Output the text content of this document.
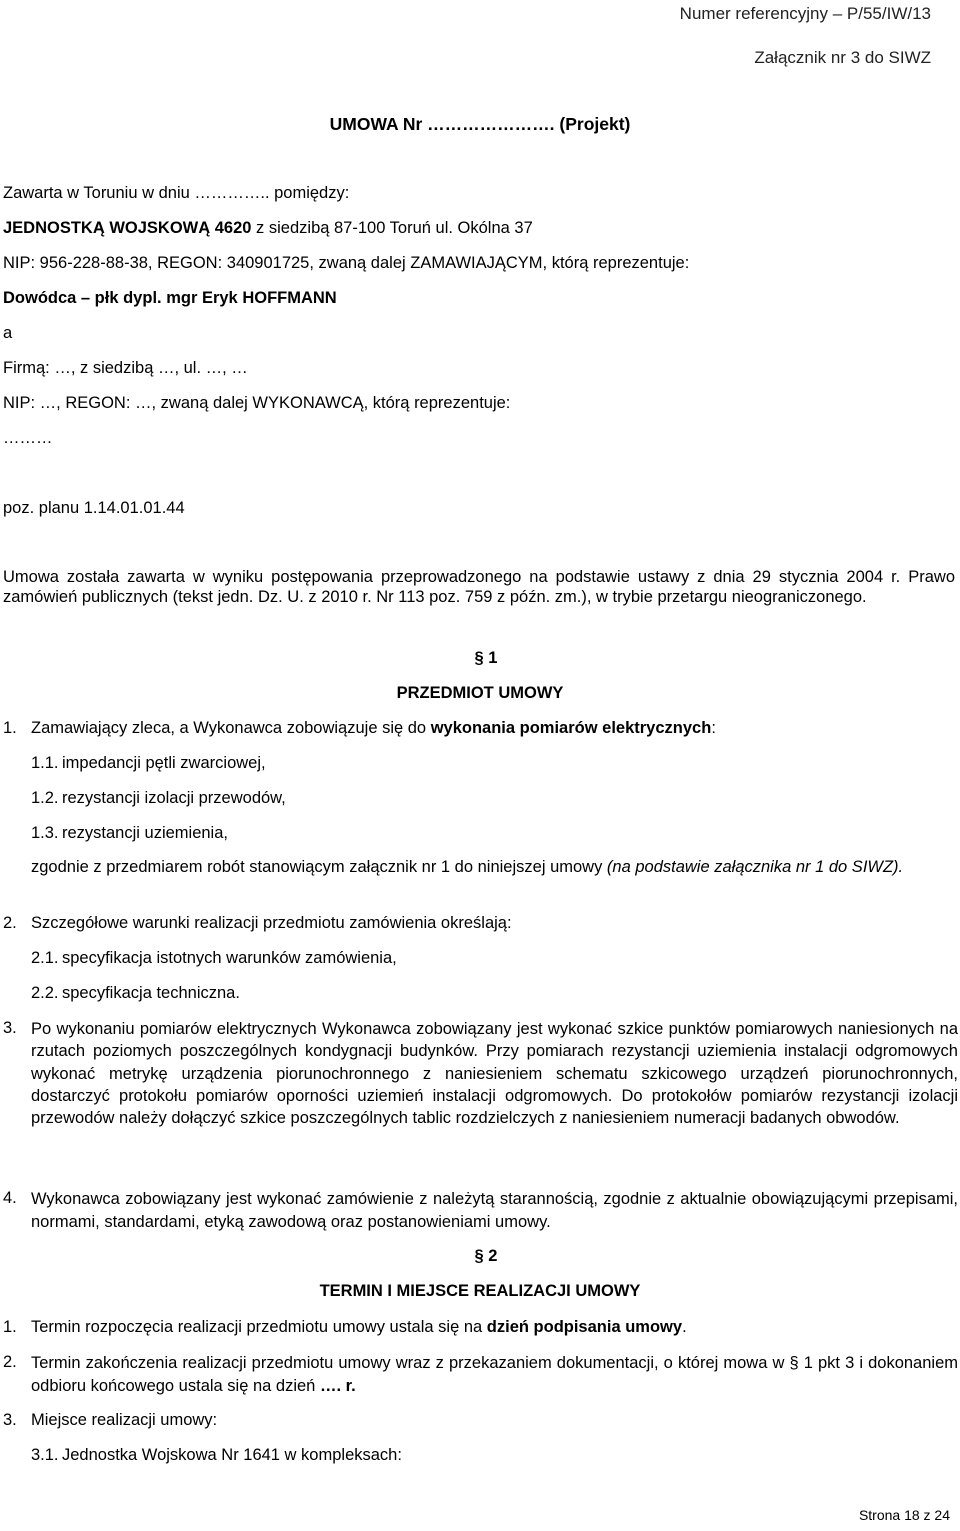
Numer referencyjny – P/55/IW/13
Załącznik nr 3 do SIWZ
UMOWA Nr …………………. (Projekt)
Zawarta w Toruniu w dniu ………….. pomiędzy:
JEDNOSTKĄ WOJSKOWĄ 4620 z siedzibą 87-100 Toruń ul. Okólna 37
NIP: 956-228-88-38, REGON: 340901725, zwaną dalej ZAMAWIAJĄCYM, którą reprezentuje:
Dowódca – płk dypl. mgr Eryk HOFFMANN
a
Firmą: …, z siedzibą …, ul. …, …
NIP: …, REGON: …, zwaną dalej WYKONAWCĄ, którą reprezentuje:
………
poz. planu 1.14.01.01.44
Umowa została zawarta w wyniku postępowania przeprowadzonego na podstawie ustawy z dnia 29 stycznia 2004 r. Prawo zamówień publicznych (tekst jedn. Dz. U. z 2010 r. Nr 113 poz. 759 z późn. zm.), w trybie przetargu nieograniczonego.
§ 1
PRZEDMIOT UMOWY
1. Zamawiający zleca, a Wykonawca zobowiązuje się do wykonania pomiarów elektrycznych:
1.1. impedancji pętli zwarciowej,
1.2. rezystancji izolacji przewodów,
1.3. rezystancji uziemienia,
zgodnie z przedmiarem robót stanowiącym załącznik nr 1 do niniejszej umowy (na podstawie załącznika nr 1 do SIWZ).
2. Szczegółowe warunki realizacji przedmiotu zamówienia określają:
2.1. specyfikacja istotnych warunków zamówienia,
2.2. specyfikacja techniczna.
3. Po wykonaniu pomiarów elektrycznych Wykonawca zobowiązany jest wykonać szkice punktów pomiarowych naniesionych na rzutach poziomych poszczególnych kondygnacji budynków. Przy pomiarach rezystancji uziemienia instalacji odgromowych wykonać metrykę urządzenia piorunochronnego z naniesieniem schematu szkicowego urządzeń piorunochronnych, dostarczyć protokołu pomiarów oporności uziemień instalacji odgromowych. Do protokołów pomiarów rezystancji izolacji przewodów należy dołączyć szkice poszczególnych tablic rozdzielczych z naniesieniem numeracji badanych obwodów.
4. Wykonawca zobowiązany jest wykonać zamówienie z należytą starannością, zgodnie z aktualnie obowiązującymi przepisami, normami, standardami, etyką zawodową oraz postanowieniami umowy.
§ 2
TERMIN I MIEJSCE REALIZACJI UMOWY
1. Termin rozpoczęcia realizacji przedmiotu umowy ustala się na dzień podpisania umowy.
2. Termin zakończenia realizacji przedmiotu umowy wraz z przekazaniem dokumentacji, o której mowa w § 1 pkt 3 i dokonaniem odbioru końcowego ustala się na dzień …. r.
3. Miejsce realizacji umowy:
3.1. Jednostka Wojskowa Nr 1641 w kompleksach:
Strona 18 z 24
